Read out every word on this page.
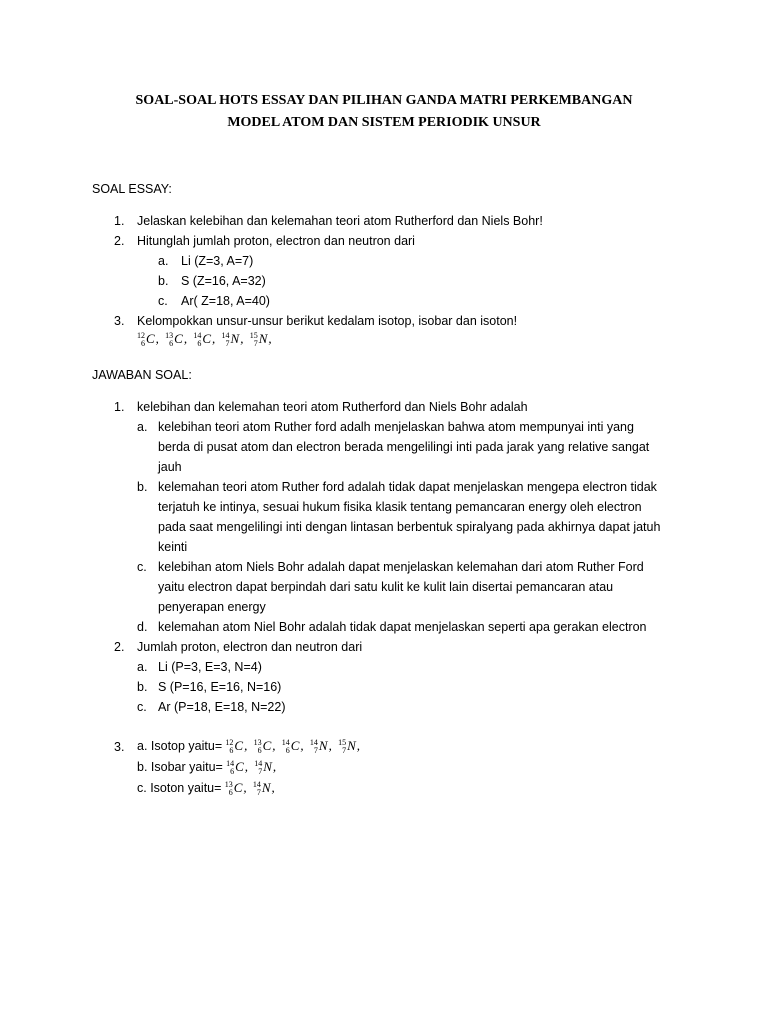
SOAL-SOAL HOTS ESSAY DAN PILIHAN GANDA MATRI PERKEMBANGAN
MODEL ATOM DAN SISTEM PERIODIK UNSUR
SOAL ESSAY:
1. Jelaskan kelebihan dan kelemahan teori atom Rutherford dan Niels Bohr!
2. Hitunglah jumlah proton, electron dan neutron dari
a. Li (Z=3, A=7)
b. S (Z=16, A=32)
c. Ar( Z=18, A=40)
3. Kelompokkan unsur-unsur berikut kedalam isotop, isobar dan isoton!
12
6 C, 13
6 C, 14
6 C, 14
7 N, 15
7 N,
JAWABAN SOAL:
1. kelebihan dan kelemahan teori atom Rutherford dan Niels Bohr adalah
a. kelebihan teori atom Ruther ford adalh menjelaskan bahwa atom mempunyai inti yang
berda di pusat atom dan electron berada mengelilingi inti pada jarak yang relative sangat
jauh
b. kelemahan teori atom Ruther ford adalah tidak dapat menjelaskan mengepa electron tidak
terjatuh ke intinya, sesuai hukum fisika klasik tentang pemancaran energy oleh electron
pada saat mengelilingi inti dengan lintasan berbentuk spiralyang pada akhirnya dapat jatuh
keinti
c. kelebihan atom Niels Bohr adalah dapat menjelaskan kelemahan dari atom Ruther Ford
yaitu electron dapat berpindah dari satu kulit ke kulit lain disertai pemancaran atau
penyerapan energy
d. kelemahan atom Niel Bohr adalah tidak dapat menjelaskan seperti apa gerakan electron
2. Jumlah proton, electron dan neutron dari
a. Li (P=3, E=3, N=4)
b. S (P=16, E=16, N=16)
c. Ar (P=18, E=18, N=22)
3. a. Isotop yaitu= 12
6 C, 13
6 C, 14
6 C, 14
7 N, 15
7 N,
b. Isobar yaitu= 14
6 C, 14
7 N,
c. Isoton yaitu= 13
6 C, 14
7 N,
